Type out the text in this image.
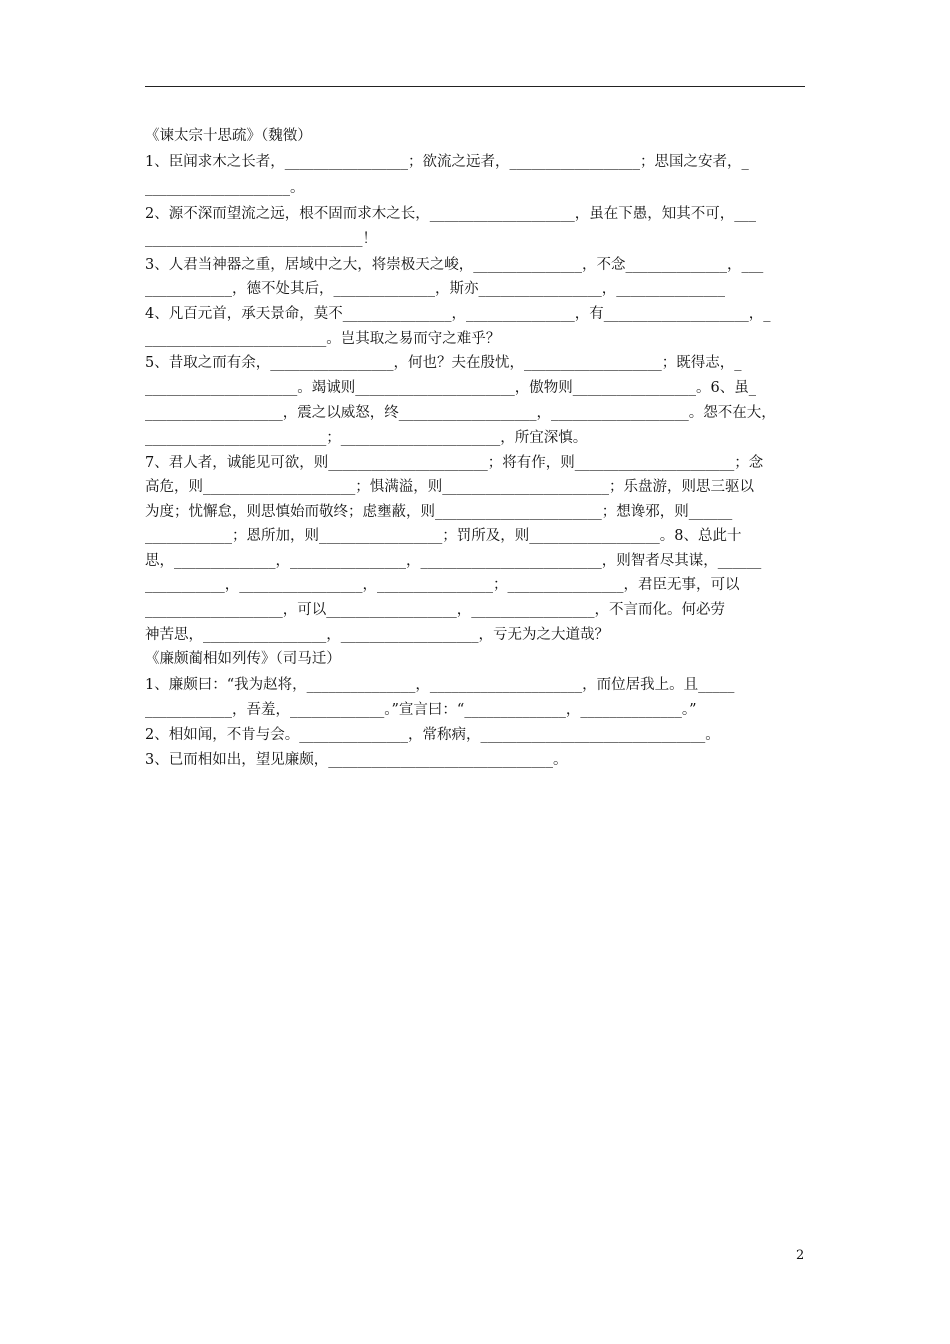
《谏太宗十思疏》（魏徵）
1、臣闻求木之长者，_________________；欲流之远者，__________________；思国之安者，_
____________________。
2、源不深而望流之远，根不固而求木之长，____________________，虽在下愚，知其不可，___
______________________________！
3、人君当神器之重，居域中之大，将崇极天之峻，_______________，不念______________，___
____________，德不处其后，______________，斯亦_________________，_______________
4、凡百元首，承天景命，莫不_______________，_______________，有____________________，_
_________________________。岂其取之易而守之难乎？
5、昔取之而有余，_________________，何也？夫在殷忧，___________________；既得志，_
_____________________。竭诚则______________________，傲物则_________________。6、虽_
___________________，震之以威怒，终___________________，___________________。怨不在大，
_________________________；______________________，所宜深慎。
7、君人者，诚能见可欲，则______________________；将有作，则______________________；念
高危，则_____________________；惧满溢，则_______________________；乐盘游，则思三驱以
为度；忧懈怠，则思慎始而敬终；虑壅蔽，则_______________________；想谗邪，则______
____________；恩所加，则_________________；罚所及，则__________________。8、总此十
思，______________，________________，_________________________，则智者尽其谋，______
___________，_________________，________________；________________，君臣无事，可以
___________________，可以__________________，_________________，不言而化。何必劳
神苦思，_________________，___________________，亏无为之大道哉？
《廉颇蔺相如列传》（司马迁）
1、廉颇曰：“我为赵将，_______________，_____________________，而位居我上。且_____
____________，吾羞，_____________。”宣言曰：“______________，______________。”
2、相如闻，不肯与会。_______________，常称病，_______________________________。
3、已而相如出，望见廉颇，_______________________________。
2
